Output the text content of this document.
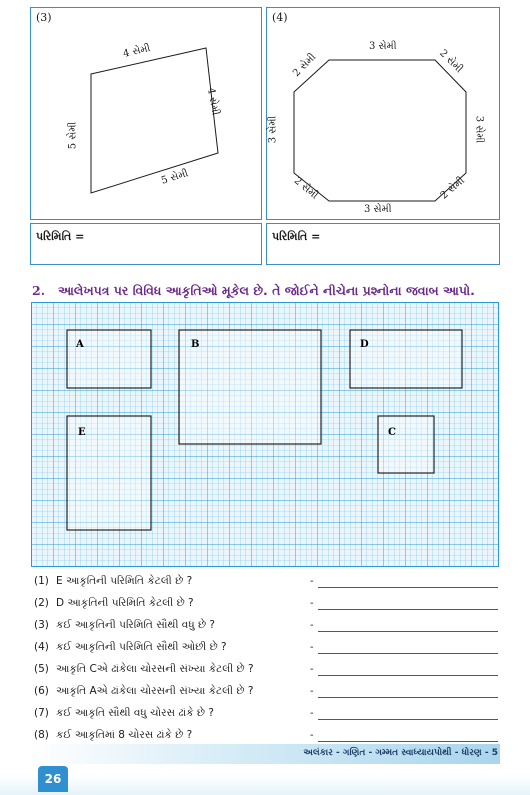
(3)
4 સેમી
4 સેમી
5 સેમી
5 સેમી
પરિમિતિ =
(4)
3 સેમી
2 સેમી
3 સેમી
2 સેમી
3 સેમી
2 સેમી
3 સેમી
2 સેમી
પરિમિતિ =
2. આલેખપત્ર પર વિવિધ આકૃતિઓ મૂકેલ છે. તે જોઈને નીચેના પ્રશ્નોના જવાબ આપો.
A	B
C
D
E
(1) E આકૃતિની પરિમિતિ કેટલી છે ?	-
(2) D આકૃતિની પરિમિતિ કેટલી છે ?	-
(3) કઈ આકૃતિની પરિમિતિ સૌથી વધુ છે ?	-
(4) કઈ આકૃતિની પરિમિતિ સૌથી ઓછી છે ?	-
(5) આકૃતિ Cએ ઢાંકેલા ચોરસની સંખ્યા કેટલી છે ?	-
(6) આકૃતિ Aએ ઢાંકેલા ચોરસની સંખ્યા કેટલી છે ?	-
(7) કઈ આકૃતિ સૌથી વધુ ચોરસ ઢાંકે છે ?	-
(8) કઈ આકૃતિમાં 8 ચોરસ ઢાંકે છે ?	-
અલંકાર - ગણિત - ગમ્મત સ્વાધ્યાયપોથી - ધોરણ - 5
26
